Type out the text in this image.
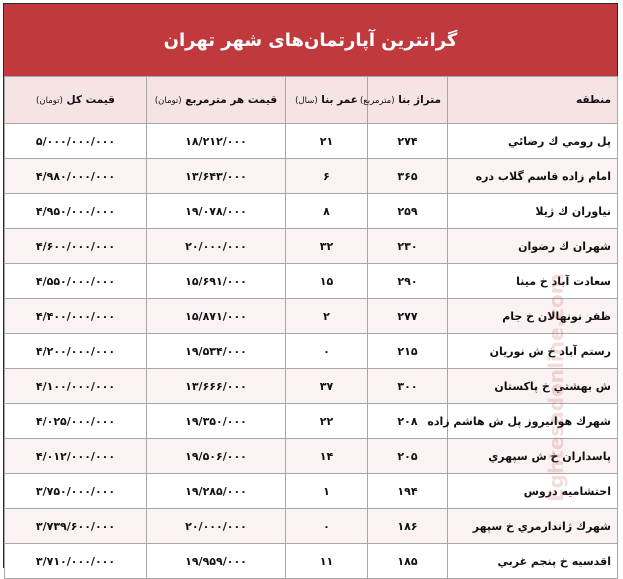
گرانترین آپارتمان‌های شهر تهران
منطقه	متراژ بنا (مترمربع)	عمر بنا (سال)	قیمت هر مترمربع (تومان)	قیمت کل (تومان)
پل رومي ك رضائي	۲۷۴	۲۱	۱۸/۲۱۲/۰۰۰	۵/۰۰۰/۰۰۰/۰۰۰
امام زاده قاسم گلاب دره	۳۶۵	۶	۱۳/۶۴۳/۰۰۰	۴/۹۸۰/۰۰۰/۰۰۰
نياوران ك ژيلا	۲۵۹	۸	۱۹/۰۷۸/۰۰۰	۴/۹۵۰/۰۰۰/۰۰۰
شهران ك رضوان	۲۳۰	۳۲	۲۰/۰۰۰/۰۰۰	۴/۶۰۰/۰۰۰/۰۰۰
سعادت آباد خ مينا	۲۹۰	۱۵	۱۵/۶۹۱/۰۰۰	۴/۵۵۰/۰۰۰/۰۰۰
ظفر نونهالان خ جام	۲۷۷	۲	۱۵/۸۷۱/۰۰۰	۴/۴۰۰/۰۰۰/۰۰۰
رستم آباد خ ش نوريان	۲۱۵	۰	۱۹/۵۳۴/۰۰۰	۴/۲۰۰/۰۰۰/۰۰۰
ش بهشتي خ پاكستان	۳۰۰	۳۷	۱۳/۶۶۶/۰۰۰	۴/۱۰۰/۰۰۰/۰۰۰
شهرك هوانيروز پل ش هاشم زاده	۲۰۸	۲۲	۱۹/۳۵۰/۰۰۰	۴/۰۲۵/۰۰۰/۰۰۰
پاسداران خ ش سپهري	۲۰۵	۱۴	۱۹/۵۰۶/۰۰۰	۴/۰۱۲/۰۰۰/۰۰۰
احتشاميه دروس	۱۹۴	۱	۱۹/۲۸۵/۰۰۰	۳/۷۵۰/۰۰۰/۰۰۰
شهرك ژاندارمري خ سپهر	۱۸۶	۰	۲۰/۰۰۰/۰۰۰	۳/۷۳۹/۶۰۰/۰۰۰
اقدسيه خ پنجم غربي	۱۸۵	۱۱	۱۹/۹۵۹/۰۰۰	۳/۷۱۰/۰۰۰/۰۰۰
